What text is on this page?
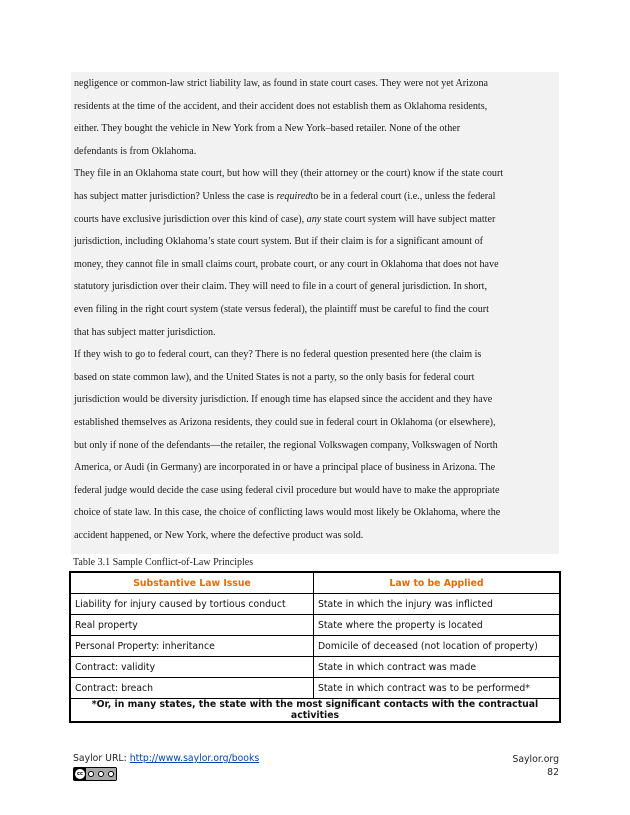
negligence or common-law strict liability law, as found in state court cases. They were not yet Arizona
residents at the time of the accident, and their accident does not establish them as Oklahoma residents,
either. They bought the vehicle in New York from a New York–based retailer. None of the other
defendants is from Oklahoma.

They file in an Oklahoma state court, but how will they (their attorney or the court) know if the state court
has subject matter jurisdiction? Unless the case is requiredto be in a federal court (i.e., unless the federal
courts have exclusive jurisdiction over this kind of case), any state court system will have subject matter
jurisdiction, including Oklahoma’s state court system. But if their claim is for a significant amount of
money, they cannot file in small claims court, probate court, or any court in Oklahoma that does not have
statutory jurisdiction over their claim. They will need to file in a court of general jurisdiction. In short,
even filing in the right court system (state versus federal), the plaintiff must be careful to find the court
that has subject matter jurisdiction.

If they wish to go to federal court, can they? There is no federal question presented here (the claim is
based on state common law), and the United States is not a party, so the only basis for federal court
jurisdiction would be diversity jurisdiction. If enough time has elapsed since the accident and they have
established themselves as Arizona residents, they could sue in federal court in Oklahoma (or elsewhere),
but only if none of the defendants—the retailer, the regional Volkswagen company, Volkswagen of North
America, or Audi (in Germany) are incorporated in or have a principal place of business in Arizona. The
federal judge would decide the case using federal civil procedure but would have to make the appropriate
choice of state law. In this case, the choice of conflicting laws would most likely be Oklahoma, where the
accident happened, or New York, where the defective product was sold.

Table 3.1 Sample Conflict-of-Law Principles
Substantive Law Issue	Law to be Applied
Liability for injury caused by tortious conduct	State in which the injury was inflicted
Real property	State where the property is located
Personal Property: inheritance	Domicile of deceased (not location of property)
Contract: validity	State in which contract was made
Contract: breach	State in which contract was to be performed*
*Or, in many states, the state with the most significant contacts with the contractual activities	
Saylor URL: http://www.saylor.org/books
cc
Saylor.org
82
